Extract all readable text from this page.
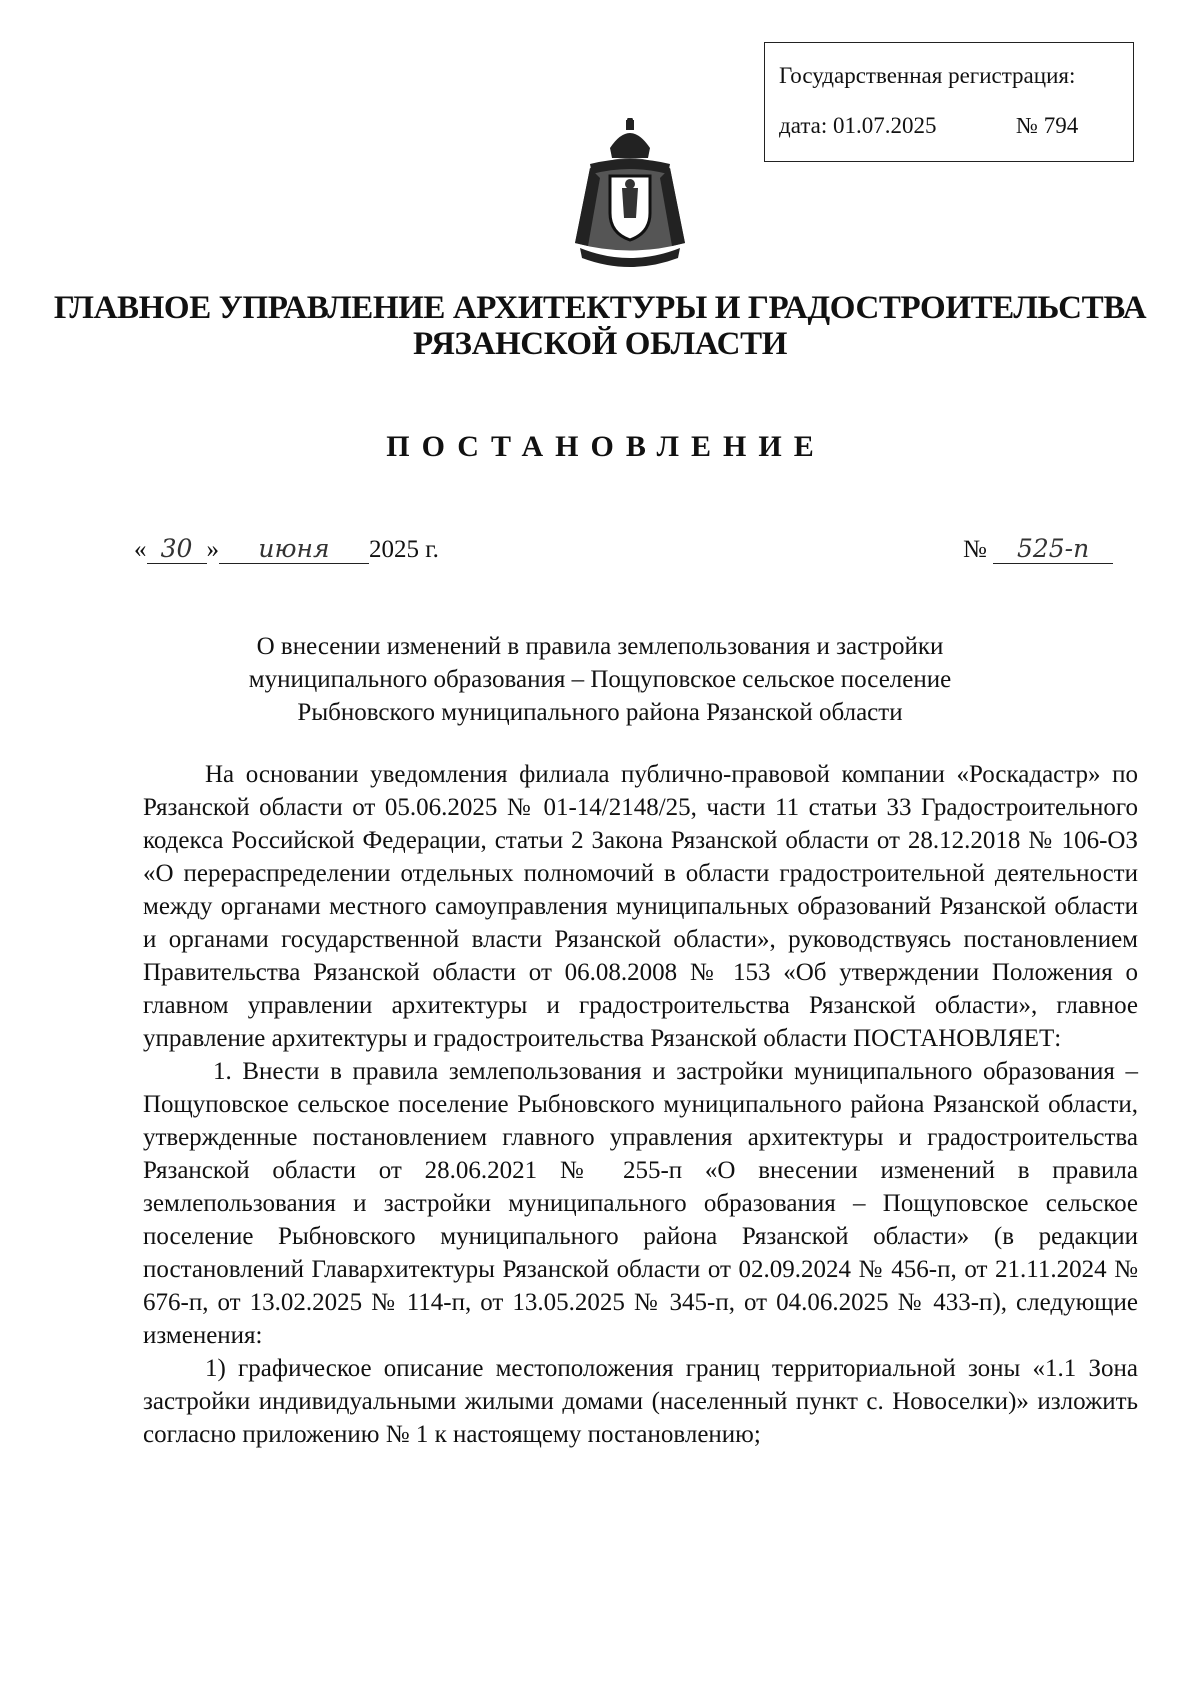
Государственная регистрация:
дата: 01.07.2025	№ 794
ГЛАВНОЕ УПРАВЛЕНИЕ АРХИТЕКТУРЫ И ГРАДОСТРОИТЕЛЬСТВА
РЯЗАНСКОЙ ОБЛАСТИ
ПОСТАНОВЛЕНИЕ
« 30 » июня 2025 г.	№ 525-п
О внесении изменений в правила землепользования и застройки
муниципального образования – Пощуповское сельское поселение
Рыбновского муниципального района Рязанской области

На основании уведомления филиала публично-правовой компании «Роскадастр» по Рязанской области от 05.06.2025 № 01-14/2148/25, части 11 статьи 33 Градостроительного кодекса Российской Федерации, статьи 2 Закона Рязанской области от 28.12.2018 № 106-ОЗ «О перераспределении отдельных полномочий в области градостроительной деятельности между органами местного самоуправления муниципальных образований Рязанской области и органами государственной власти Рязанской области», руководствуясь постановлением Правительства Рязанской области от 06.08.2008 № 153 «Об утверждении Положения о главном управлении архитектуры и градостроительства Рязанской области», главное управление архитектуры и градостроительства Рязанской области ПОСТАНОВЛЯЕТ:

1. Внести в правила землепользования и застройки муниципального образования – Пощуповское сельское поселение Рыбновского муниципального района Рязанской области, утвержденные постановлением главного управления архитектуры и градостроительства Рязанской области от 28.06.2021 № 255-п «О внесении изменений в правила землепользования и застройки муниципального образования – Пощуповское сельское поселение Рыбновского муниципального района Рязанской области» (в редакции постановлений Главархитектуры Рязанской области от 02.09.2024 № 456-п, от 21.11.2024 № 676-п, от 13.02.2025 № 114-п, от 13.05.2025 № 345-п, от 04.06.2025 № 433-п), следующие изменения:

1) графическое описание местоположения границ территориальной зоны «1.1 Зона застройки индивидуальными жилыми домами (населенный пункт с. Новоселки)» изложить согласно приложению № 1 к настоящему постановлению;
